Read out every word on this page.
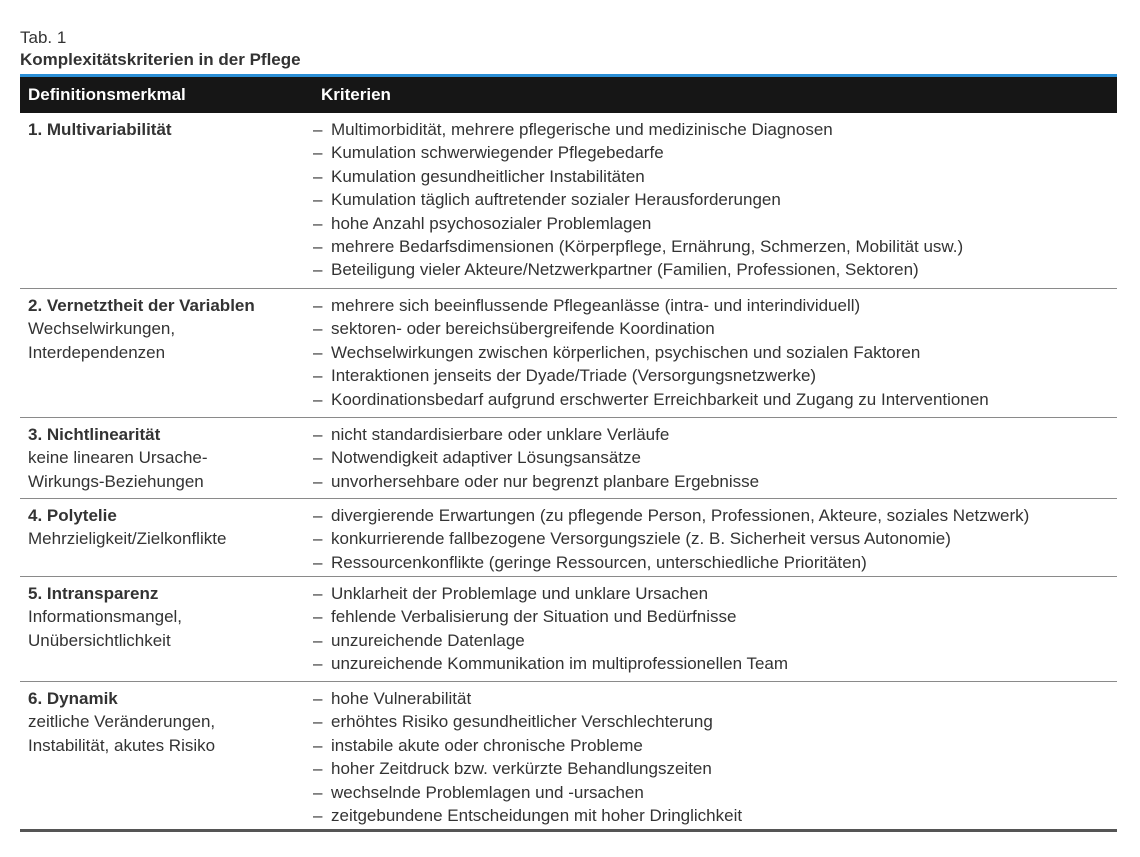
Tab. 1
Komplexitätskriterien in der Pflege
Definitionsmerkmal	Kriterien
1. Multivariabilität	– Multimorbidität, mehrere pflegerische und medizinische Diagnosen
– Kumulation schwerwiegender Pflegebedarfe
– Kumulation gesundheitlicher Instabilitäten
– Kumulation täglich auftretender sozialer Herausforderungen
– hohe Anzahl psychosozialer Problemlagen
– mehrere Bedarfsdimensionen (Körperpflege, Ernährung, Schmerzen, Mobilität usw.)
– Beteiligung vieler Akteure/Netzwerkpartner (Familien, Professionen, Sektoren)
2. Vernetztheit der Variablen
Wechselwirkungen,
Interdependenzen
– mehrere sich beeinflussende Pflegeanlässe (intra- und interindividuell)
– sektoren- oder bereichsübergreifende Koordination
– Wechselwirkungen zwischen körperlichen, psychischen und sozialen Faktoren
– Interaktionen jenseits der Dyade/Triade (Versorgungsnetzwerke)
– Koordinationsbedarf aufgrund erschwerter Erreichbarkeit und Zugang zu Interventionen
3. Nichtlinearität
keine linearen Ursache-
Wirkungs-Beziehungen
– nicht standardisierbare oder unklare Verläufe
– Notwendigkeit adaptiver Lösungsansätze
– unvorhersehbare oder nur begrenzt planbare Ergebnisse
4. Polytelie
Mehrzieligkeit/Zielkonflikte
– divergierende Erwartungen (zu pflegende Person, Professionen, Akteure, soziales Netzwerk)
– konkurrierende fallbezogene Versorgungsziele (z. B. Sicherheit versus Autonomie)
– Ressourcenkonflikte (geringe Ressourcen, unterschiedliche Prioritäten)
5. Intransparenz
Informationsmangel,
Unübersichtlichkeit
– Unklarheit der Problemlage und unklare Ursachen
– fehlende Verbalisierung der Situation und Bedürfnisse
– unzureichende Datenlage
– unzureichende Kommunikation im multiprofessionellen Team
6. Dynamik
zeitliche Veränderungen,
Instabilität, akutes Risiko
– hohe Vulnerabilität
– erhöhtes Risiko gesundheitlicher Verschlechterung
– instabile akute oder chronische Probleme
– hoher Zeitdruck bzw. verkürzte Behandlungszeiten
– wechselnde Problemlagen und -ursachen
– zeitgebundene Entscheidungen mit hoher Dringlichkeit
